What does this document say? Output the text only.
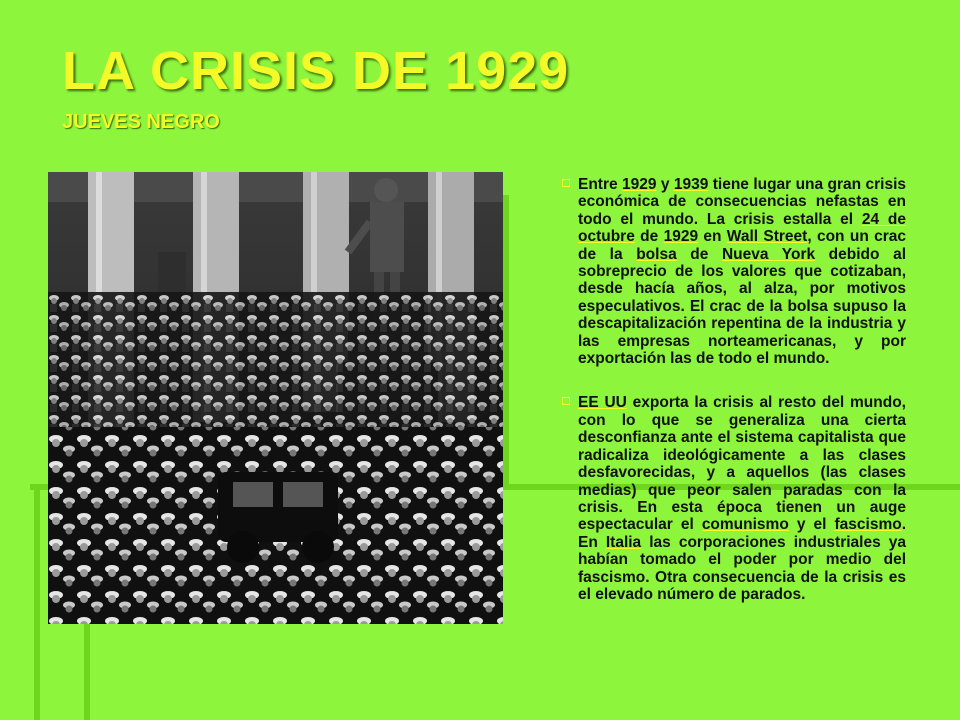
LA CRISIS DE 1929
JUEVES NEGRO

Entre 1929 y 1939 tiene lugar una gran crisis económica de consecuencias nefastas en todo el mundo. La crisis estalla el 24 de octubre de 1929 en Wall Street, con un crac de la bolsa de Nueva York debido al sobreprecio de los valores que cotizaban, desde hacía años, al alza, por motivos especulativos. El crac de la bolsa supuso la descapitalización repentina de la industria y las empresas norteamericanas, y por exportación las de todo el mundo.

EE UU exporta la crisis al resto del mundo, con lo que se generaliza una cierta desconfianza ante el sistema capitalista que radicaliza ideológicamente a las clases desfavorecidas, y a aquellos (las clases medias) que peor salen paradas con la crisis. En esta época tienen un auge espectacular el comunismo y el fascismo. En Italia las corporaciones industriales ya habían tomado el poder por medio del fascismo. Otra consecuencia de la crisis es el elevado número de parados.
